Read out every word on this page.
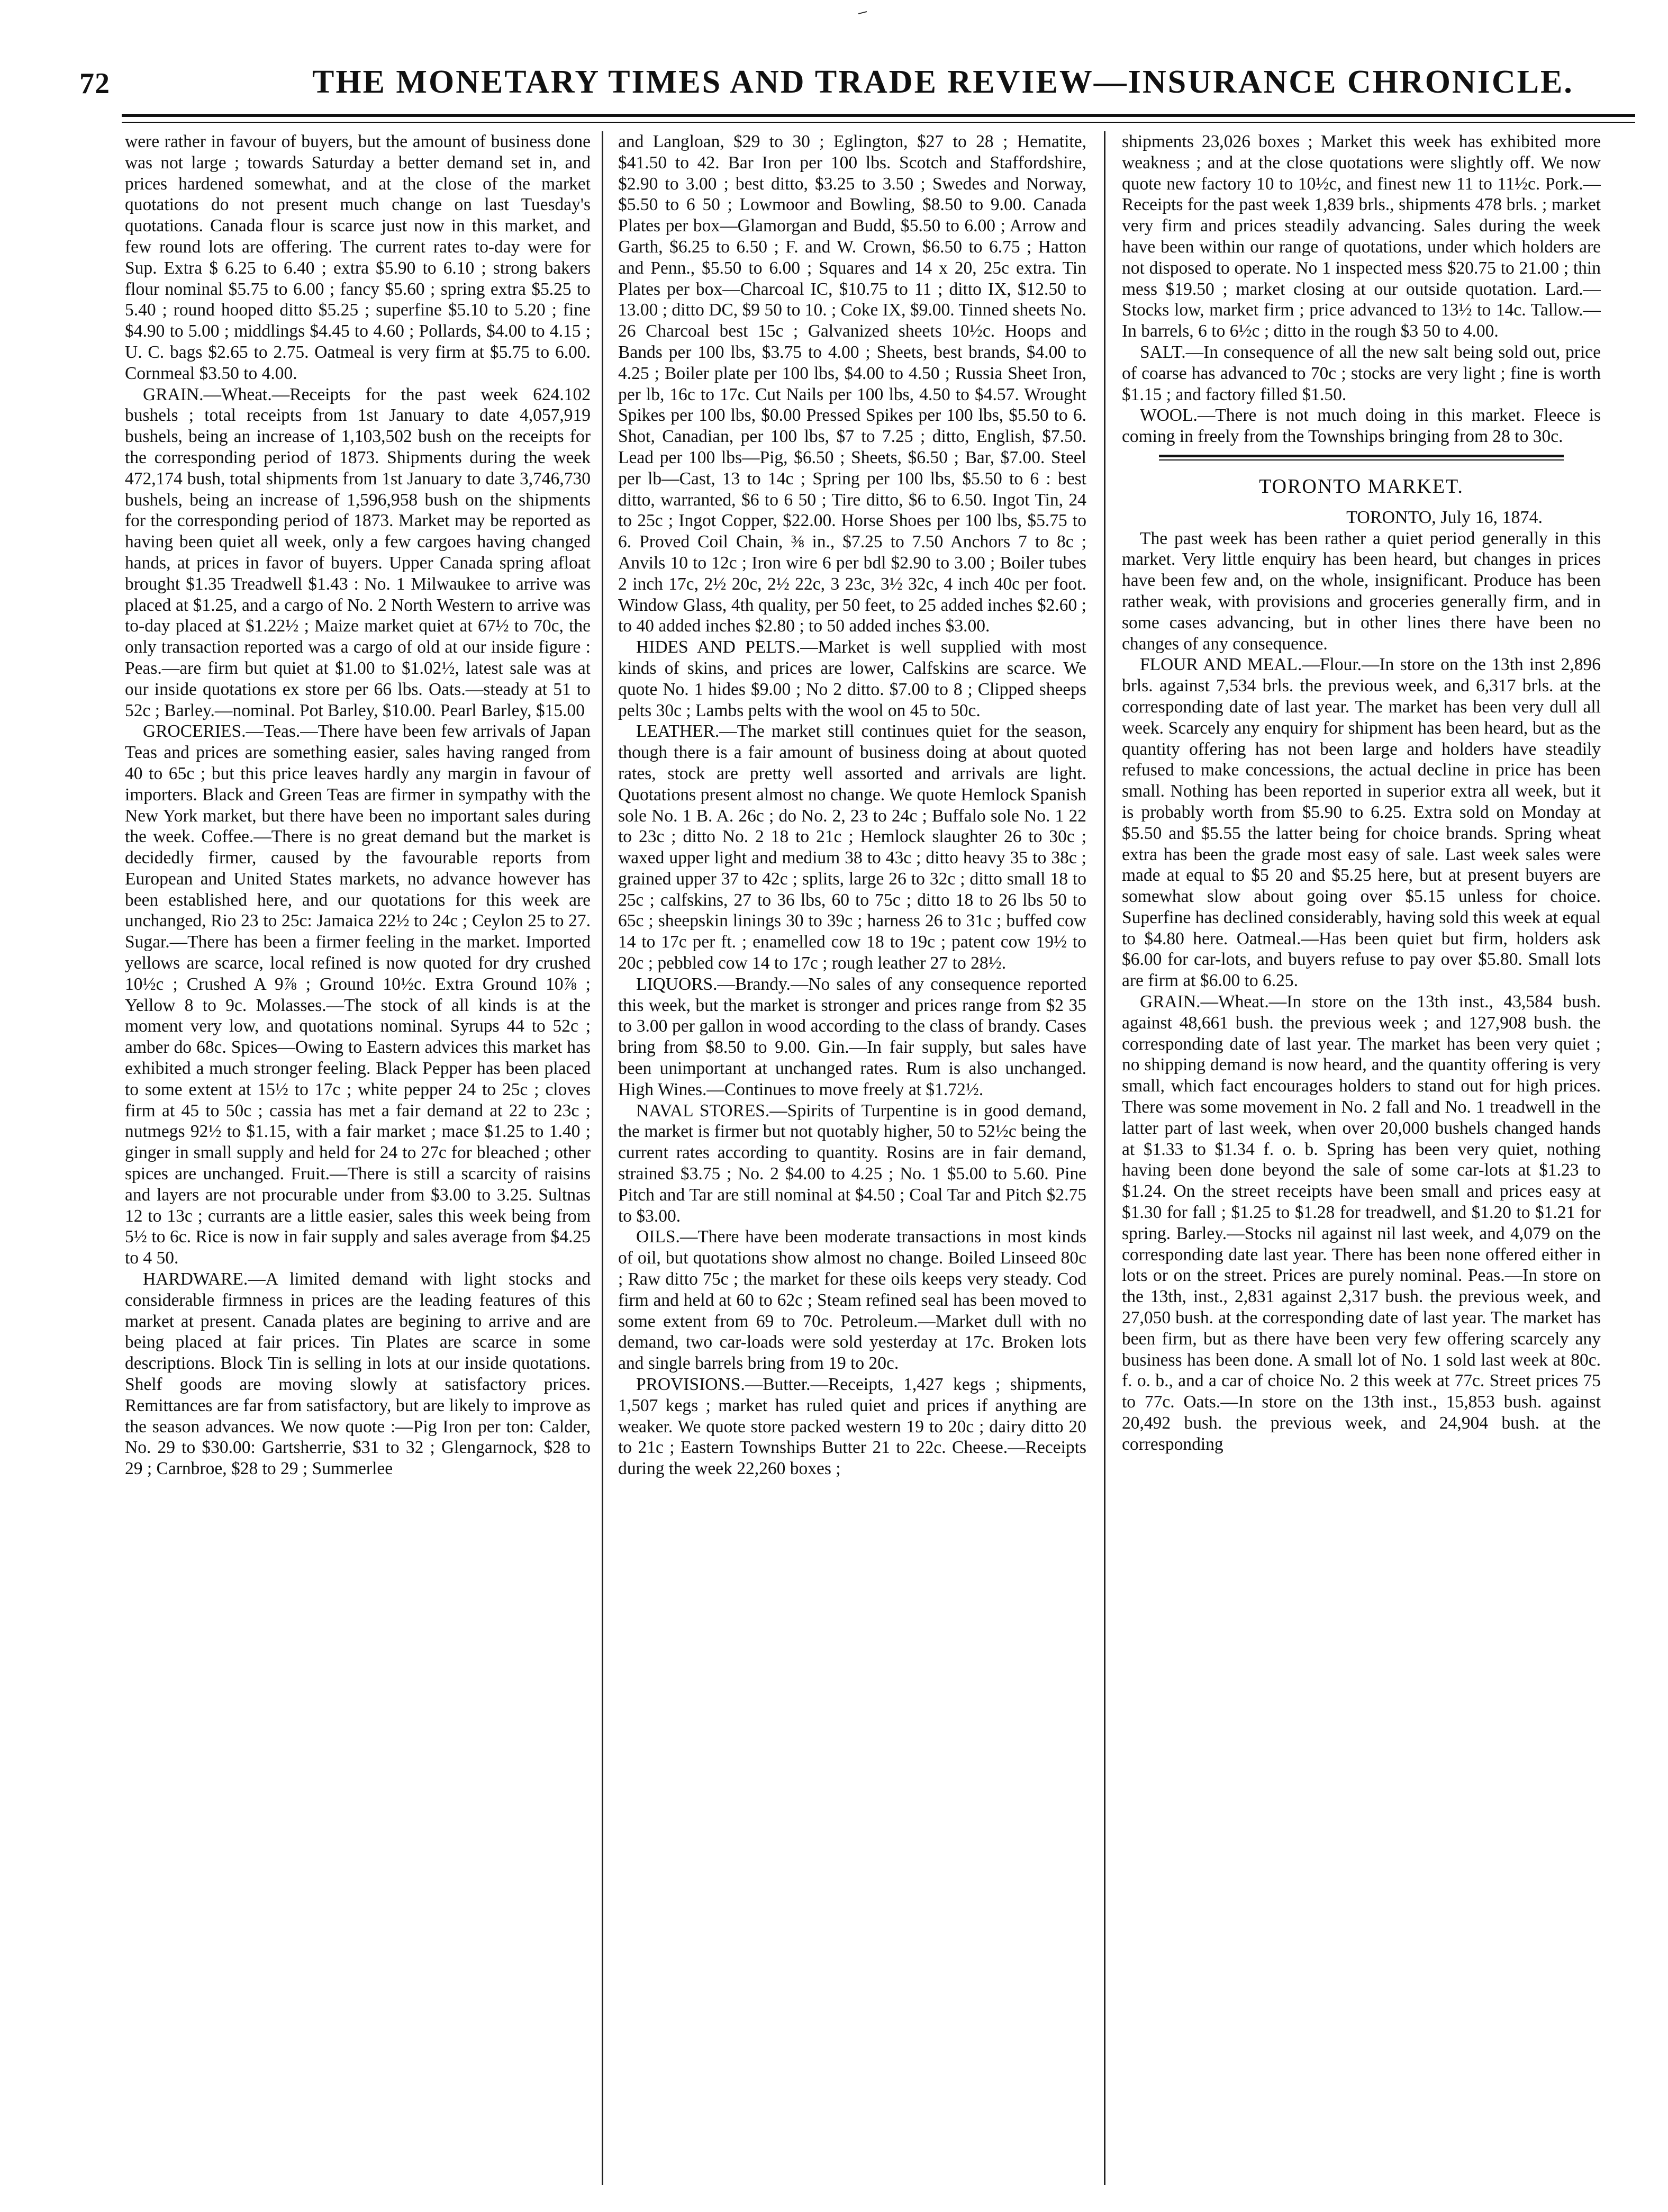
72	THE MONETARY TIMES AND TRADE REVIEW—INSURANCE CHRONICLE.

were rather in favour of buyers, but the amount of business done was not large ; towards Saturday a better demand set in, and prices hardened somewhat, and at the close of the market quotations do not present much change on last Tuesday's quotations. Canada flour is scarce just now in this market, and few round lots are offering. The current rates to-day were for Sup. Extra $ 6.25 to 6.40 ; extra $5.90 to 6.10 ; strong bakers flour nominal $5.75 to 6.00 ; fancy $5.60 ; spring extra $5.25 to 5.40 ; round hooped ditto $5.25 ; superfine $5.10 to 5.20 ; fine $4.90 to 5.00 ; middlings $4.45 to 4.60 ; Pollards, $4.00 to 4.15 ; U. C. bags $2.65 to 2.75. Oatmeal is very firm at $5.75 to 6.00. Cornmeal $3.50 to 4.00.

GRAIN.—Wheat.—Receipts for the past week 624.102 bushels ; total receipts from 1st January to date 4,057,919 bushels, being an increase of 1,103,502 bush on the receipts for the corresponding period of 1873. Shipments during the week 472,174 bush, total shipments from 1st January to date 3,746,730 bushels, being an increase of 1,596,958 bush on the shipments for the corresponding period of 1873. Market may be reported as having been quiet all week, only a few cargoes having changed hands, at prices in favor of buyers. Upper Canada spring afloat brought $1.35 Treadwell $1.43 : No. 1 Milwaukee to arrive was placed at $1.25, and a cargo of No. 2 North Western to arrive was to-day placed at $1.22½ ; Maize market quiet at 67½ to 70c, the only transaction reported was a cargo of old at our inside figure : Peas.—are firm but quiet at $1.00 to $1.02½, latest sale was at our inside quotations ex store per 66 lbs. Oats.—steady at 51 to 52c ; Barley.—nominal. Pot Barley, $10.00. Pearl Barley, $15.00

GROCERIES.—Teas.—There have been few arrivals of Japan Teas and prices are something easier, sales having ranged from 40 to 65c ; but this price leaves hardly any margin in favour of importers. Black and Green Teas are firmer in sympathy with the New York market, but there have been no important sales during the week. Coffee.—There is no great demand but the market is decidedly firmer, caused by the favourable reports from European and United States markets, no advance however has been established here, and our quotations for this week are unchanged, Rio 23 to 25c: Jamaica 22½ to 24c ; Ceylon 25 to 27. Sugar.—There has been a firmer feeling in the market. Imported yellows are scarce, local refined is now quoted for dry crushed 10½c ; Crushed A 9⅞ ; Ground 10½c. Extra Ground 10⅞ ; Yellow 8 to 9c. Molasses.—The stock of all kinds is at the moment very low, and quotations nominal. Syrups 44 to 52c ; amber do 68c. Spices—Owing to Eastern advices this market has exhibited a much stronger feeling. Black Pepper has been placed to some extent at 15½ to 17c ; white pepper 24 to 25c ; cloves firm at 45 to 50c ; cassia has met a fair demand at 22 to 23c ; nutmegs 92½ to $1.15, with a fair market ; mace $1.25 to 1.40 ; ginger in small supply and held for 24 to 27c for bleached ; other spices are unchanged. Fruit.—There is still a scarcity of raisins and layers are not procurable under from $3.00 to 3.25. Sultnas 12 to 13c ; currants are a little easier, sales this week being from 5½ to 6c. Rice is now in fair supply and sales average from $4.25 to 4 50.

HARDWARE.—A limited demand with light stocks and considerable firmness in prices are the leading features of this market at present. Canada plates are begining to arrive and are being placed at fair prices. Tin Plates are scarce in some descriptions. Block Tin is selling in lots at our inside quotations. Shelf goods are moving slowly at satisfactory prices. Remittances are far from satisfactory, but are likely to improve as the season advances. We now quote :—Pig Iron per ton: Calder, No. 29 to $30.00: Gartsherrie, $31 to 32 ; Glengarnock, $28 to 29 ; Carnbroe, $28 to 29 ; Summerlee

and Langloan, $29 to 30 ; Eglington, $27 to 28 ; Hematite, $41.50 to 42. Bar Iron per 100 lbs. Scotch and Staffordshire, $2.90 to 3.00 ; best ditto, $3.25 to 3.50 ; Swedes and Norway, $5.50 to 6 50 ; Lowmoor and Bowling, $8.50 to 9.00. Canada Plates per box—Glamorgan and Budd, $5.50 to 6.00 ; Arrow and Garth, $6.25 to 6.50 ; F. and W. Crown, $6.50 to 6.75 ; Hatton and Penn., $5.50 to 6.00 ; Squares and 14 x 20, 25c extra. Tin Plates per box—Charcoal IC, $10.75 to 11 ; ditto IX, $12.50 to 13.00 ; ditto DC, $9 50 to 10. ; Coke IX, $9.00. Tinned sheets No. 26 Charcoal best 15c ; Galvanized sheets 10½c. Hoops and Bands per 100 lbs, $3.75 to 4.00 ; Sheets, best brands, $4.00 to 4.25 ; Boiler plate per 100 lbs, $4.00 to 4.50 ; Russia Sheet Iron, per lb, 16c to 17c. Cut Nails per 100 lbs, 4.50 to $4.57. Wrought Spikes per 100 lbs, $0.00 Pressed Spikes per 100 lbs, $5.50 to 6. Shot, Canadian, per 100 lbs, $7 to 7.25 ; ditto, English, $7.50. Lead per 100 lbs—Pig, $6.50 ; Sheets, $6.50 ; Bar, $7.00. Steel per lb—Cast, 13 to 14c ; Spring per 100 lbs, $5.50 to 6 : best ditto, warranted, $6 to 6 50 ; Tire ditto, $6 to 6.50. Ingot Tin, 24 to 25c ; Ingot Copper, $22.00. Horse Shoes per 100 lbs, $5.75 to 6. Proved Coil Chain, ⅜ in., $7.25 to 7.50 Anchors 7 to 8c ; Anvils 10 to 12c ; Iron wire 6 per bdl $2.90 to 3.00 ; Boiler tubes 2 inch 17c, 2½ 20c, 2½ 22c, 3 23c, 3½ 32c, 4 inch 40c per foot. Window Glass, 4th quality, per 50 feet, to 25 added inches $2.60 ; to 40 added inches $2.80 ; to 50 added inches $3.00.

HIDES AND PELTS.—Market is well supplied with most kinds of skins, and prices are lower, Calfskins are scarce. We quote No. 1 hides $9.00 ; No 2 ditto. $7.00 to 8 ; Clipped sheeps pelts 30c ; Lambs pelts with the wool on 45 to 50c.

LEATHER.—The market still continues quiet for the season, though there is a fair amount of business doing at about quoted rates, stock are pretty well assorted and arrivals are light. Quotations present almost no change. We quote Hemlock Spanish sole No. 1 B. A. 26c ; do No. 2, 23 to 24c ; Buffalo sole No. 1 22 to 23c ; ditto No. 2 18 to 21c ; Hemlock slaughter 26 to 30c ; waxed upper light and medium 38 to 43c ; ditto heavy 35 to 38c ; grained upper 37 to 42c ; splits, large 26 to 32c ; ditto small 18 to 25c ; calfskins, 27 to 36 lbs, 60 to 75c ; ditto 18 to 26 lbs 50 to 65c ; sheepskin linings 30 to 39c ; harness 26 to 31c ; buffed cow 14 to 17c per ft. ; enamelled cow 18 to 19c ; patent cow 19½ to 20c ; pebbled cow 14 to 17c ; rough leather 27 to 28½.

LIQUORS.—Brandy.—No sales of any consequence reported this week, but the market is stronger and prices range from $2 35 to 3.00 per gallon in wood according to the class of brandy. Cases bring from $8.50 to 9.00. Gin.—In fair supply, but sales have been unimportant at unchanged rates. Rum is also unchanged. High Wines.—Continues to move freely at $1.72½.

NAVAL STORES.—Spirits of Turpentine is in good demand, the market is firmer but not quotably higher, 50 to 52½c being the current rates according to quantity. Rosins are in fair demand, strained $3.75 ; No. 2 $4.00 to 4.25 ; No. 1 $5.00 to 5.60. Pine Pitch and Tar are still nominal at $4.50 ; Coal Tar and Pitch $2.75 to $3.00.

OILS.—There have been moderate transactions in most kinds of oil, but quotations show almost no change. Boiled Linseed 80c ; Raw ditto 75c ; the market for these oils keeps very steady. Cod firm and held at 60 to 62c ; Steam refined seal has been moved to some extent from 69 to 70c. Petroleum.—Market dull with no demand, two car-loads were sold yesterday at 17c. Broken lots and single barrels bring from 19 to 20c.

PROVISIONS.—Butter.—Receipts, 1,427 kegs ; shipments, 1,507 kegs ; market has ruled quiet and prices if anything are weaker. We quote store packed western 19 to 20c ; dairy ditto 20 to 21c ; Eastern Townships Butter 21 to 22c. Cheese.—Receipts during the week 22,260 boxes ;

shipments 23,026 boxes ; Market this week has exhibited more weakness ; and at the close quotations were slightly off. We now quote new factory 10 to 10½c, and finest new 11 to 11½c. Pork.—Receipts for the past week 1,839 brls., shipments 478 brls. ; market very firm and prices steadily advancing. Sales during the week have been within our range of quotations, under which holders are not disposed to operate. No 1 inspected mess $20.75 to 21.00 ; thin mess $19.50 ; market closing at our outside quotation. Lard.—Stocks low, market firm ; price advanced to 13½ to 14c. Tallow.—In barrels, 6 to 6½c ; ditto in the rough $3 50 to 4.00.

SALT.—In consequence of all the new salt being sold out, price of coarse has advanced to 70c ; stocks are very light ; fine is worth $1.15 ; and factory filled $1.50.

WOOL.—There is not much doing in this market. Fleece is coming in freely from the Townships bringing from 28 to 30c.

TORONTO MARKET.

TORONTO, July 16, 1874.

The past week has been rather a quiet period generally in this market. Very little enquiry has been heard, but changes in prices have been few and, on the whole, insignificant. Produce has been rather weak, with provisions and groceries generally firm, and in some cases advancing, but in other lines there have been no changes of any consequence.

FLOUR AND MEAL.—Flour.—In store on the 13th inst 2,896 brls. against 7,534 brls. the previous week, and 6,317 brls. at the corresponding date of last year. The market has been very dull all week. Scarcely any enquiry for shipment has been heard, but as the quantity offering has not been large and holders have steadily refused to make concessions, the actual decline in price has been small. Nothing has been reported in superior extra all week, but it is probably worth from $5.90 to 6.25. Extra sold on Monday at $5.50 and $5.55 the latter being for choice brands. Spring wheat extra has been the grade most easy of sale. Last week sales were made at equal to $5 20 and $5.25 here, but at present buyers are somewhat slow about going over $5.15 unless for choice. Superfine has declined considerably, having sold this week at equal to $4.80 here. Oatmeal.—Has been quiet but firm, holders ask $6.00 for car-lots, and buyers refuse to pay over $5.80. Small lots are firm at $6.00 to 6.25.

GRAIN.—Wheat.—In store on the 13th inst., 43,584 bush. against 48,661 bush. the previous week ; and 127,908 bush. the corresponding date of last year. The market has been very quiet ; no shipping demand is now heard, and the quantity offering is very small, which fact encourages holders to stand out for high prices. There was some movement in No. 2 fall and No. 1 treadwell in the latter part of last week, when over 20,000 bushels changed hands at $1.33 to $1.34 f. o. b. Spring has been very quiet, nothing having been done beyond the sale of some car-lots at $1.23 to $1.24. On the street receipts have been small and prices easy at $1.30 for fall ; $1.25 to $1.28 for treadwell, and $1.20 to $1.21 for spring. Barley.—Stocks nil against nil last week, and 4,079 on the corresponding date last year. There has been none offered either in lots or on the street. Prices are purely nominal. Peas.—In store on the 13th, inst., 2,831 against 2,317 bush. the previous week, and 27,050 bush. at the corresponding date of last year. The market has been firm, but as there have been very few offering scarcely any business has been done. A small lot of No. 1 sold last week at 80c. f. o. b., and a car of choice No. 2 this week at 77c. Street prices 75 to 77c. Oats.—In store on the 13th inst., 15,853 bush. against 20,492 bush. the previous week, and 24,904 bush. at the corresponding
